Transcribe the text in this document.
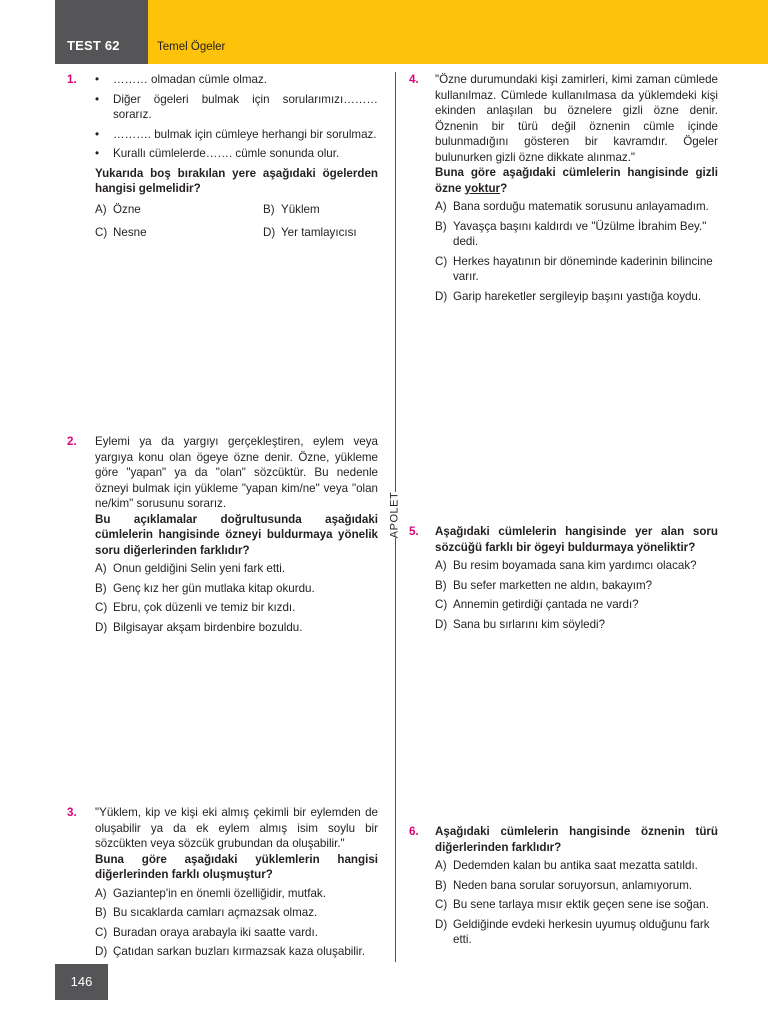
TEST 62	Temel Ögeler
APOLET
1.
•	……… olmadan cümle olmaz.
• Diğer ögeleri bulmak için sorularımızı……… sorarız.
• ………. bulmak için cümleye herhangi bir sorulmaz.
• Kurallı cümlelerde……. cümle sonunda olur.
Yukarıda boş bırakılan yere aşağıdaki ögelerden hangisi gelmelidir?
A) Özne	B) Yüklem
C) Nesne	D) Yer tamlayıcısı
2. Eylemi ya da yargıyı gerçekleştiren, eylem veya yargıya konu olan ögeye özne denir. Özne, yükleme göre "yapan" ya da "olan" sözcüktür. Bu nedenle özneyi bulmak için yükleme "yapan kim/ne" veya "olan ne/kim" sorusunu sorarız.
Bu açıklamalar doğrultusunda aşağıdaki cümlelerin hangisinde özneyi buldurmaya yönelik soru diğerlerinden farklıdır?
A) Onun geldiğini Selin yeni fark etti.
B) Genç kız her gün mutlaka kitap okurdu.
C) Ebru, çok düzenli ve temiz bir kızdı.
D) Bilgisayar akşam birdenbire bozuldu.
3. "Yüklem, kip ve kişi eki almış çekimli bir eylemden de oluşabilir ya da ek eylem almış isim soylu bir sözcükten veya sözcük grubundan da oluşabilir."
Buna göre aşağıdaki yüklemlerin hangisi diğerlerinden farklı oluşmuştur?
A) Gaziantep'in en önemli özelliğidir, mutfak.
B) Bu sıcaklarda camları açmazsak olmaz.
C) Buradan oraya arabayla iki saatte vardı.
D) Çatıdan sarkan buzları kırmazsak kaza oluşabilir.
4. "Özne durumundaki kişi zamirleri, kimi zaman cümlede kullanılmaz. Cümlede kullanılmasa da yüklemdeki kişi ekinden anlaşılan bu öznelere gizli özne denir. Öznenin bir türü değil öznenin cümle içinde bulunmadığını gösteren bir kavramdır. Ögeler bulunurken gizli özne dikkate alınmaz."
Buna göre aşağıdaki cümlelerin hangisinde gizli özne yoktur?
A) Bana sorduğu matematik sorusunu anlayamadım.
B) Yavaşça başını kaldırdı ve "Üzülme İbrahim Bey." dedi.
C) Herkes hayatının bir döneminde kaderinin bilincine varır.
D) Garip hareketler sergileyip başını yastığa koydu.
5. Aşağıdaki cümlelerin hangisinde yer alan soru sözcüğü farklı bir ögeyi buldurmaya yöneliktir?
A) Bu resim boyamada sana kim yardımcı olacak?
B) Bu sefer marketten ne aldın, bakayım?
C) Annemin getirdiği çantada ne vardı?
D) Sana bu sırlarını kim söyledi?
6. Aşağıdaki cümlelerin hangisinde öznenin türü diğerlerinden farklıdır?
A) Dedemden kalan bu antika saat mezatta satıldı.
B) Neden bana sorular soruyorsun, anlamıyorum.
C) Bu sene tarlaya mısır ektik geçen sene ise soğan.
D) Geldiğinde evdeki herkesin uyumuş olduğunu fark etti.
146
